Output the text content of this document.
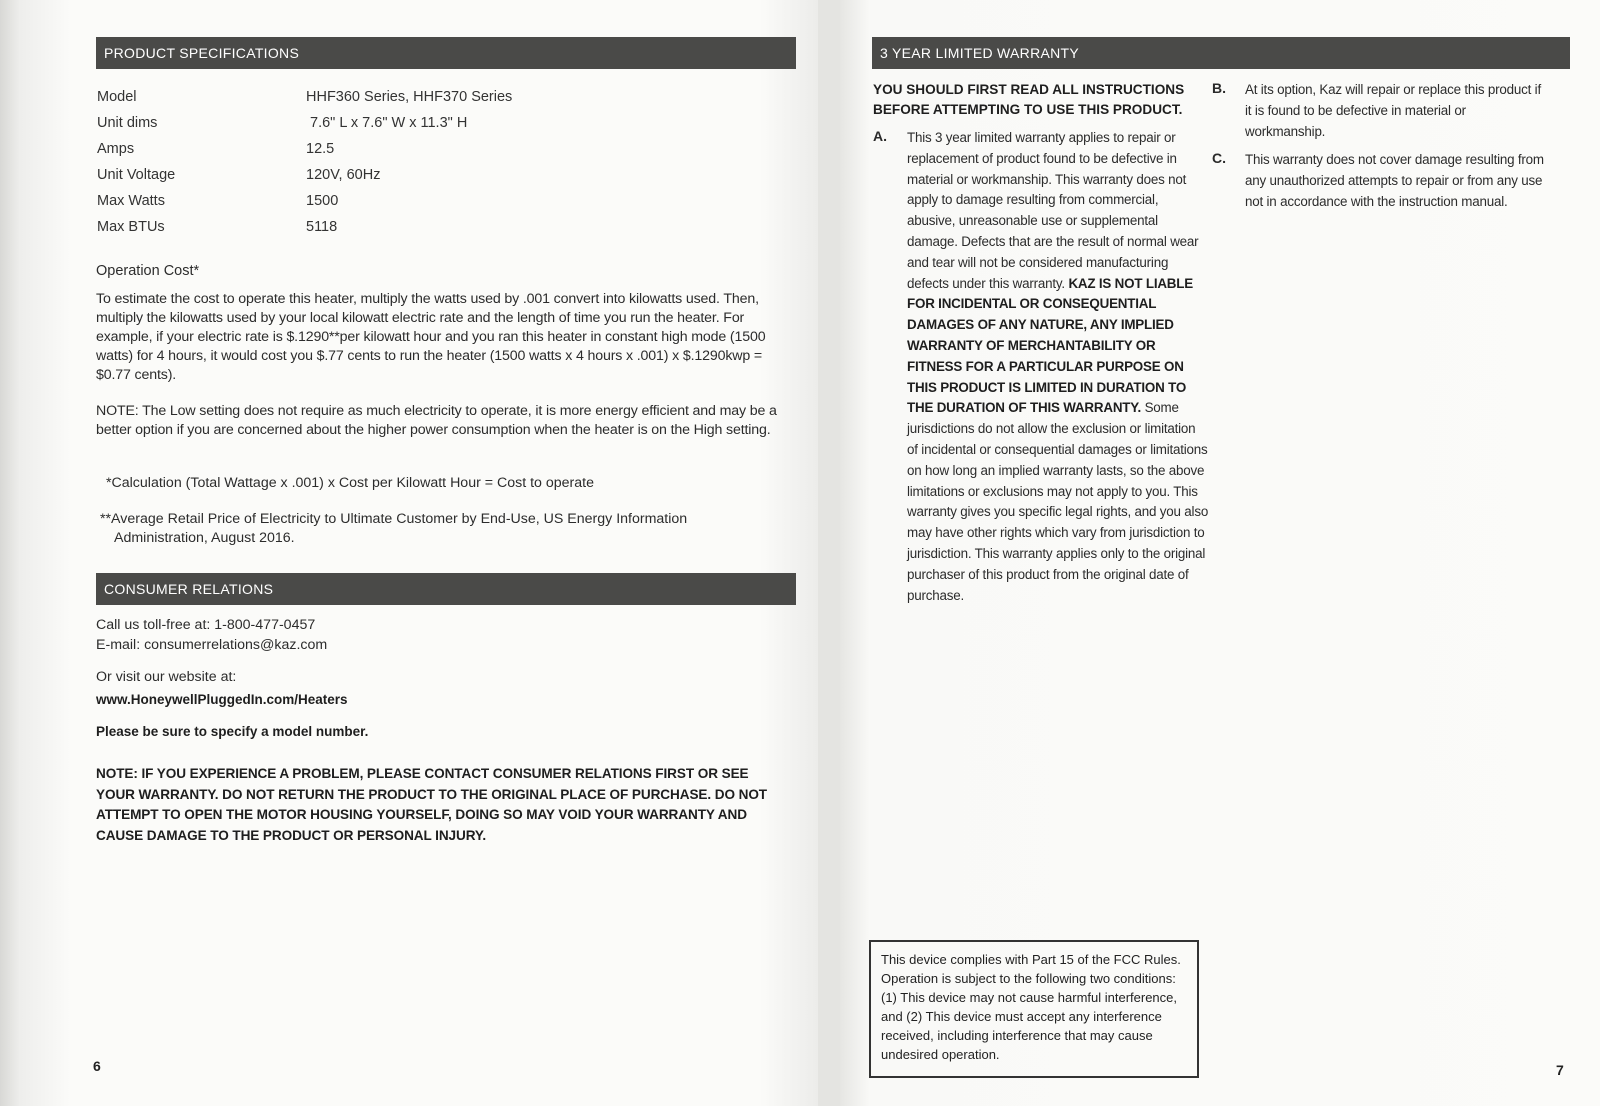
PRODUCT SPECIFICATIONS
Model	HHF360 Series, HHF370 Series
Unit dims	7.6" L x 7.6" W x 11.3" H
Amps	12.5
Unit Voltage	120V, 60Hz
Max Watts	1500
Max BTUs	5118
Operation Cost*
To estimate the cost to operate this heater, multiply the watts used by .001 convert into kilowatts used. Then, multiply the kilowatts used by your local kilowatt electric rate and the length of time you run the heater. For example, if your electric rate is $.1290**per kilowatt hour and you ran this heater in constant high mode (1500 watts) for 4 hours, it would cost you $.77 cents to run the heater (1500 watts x 4 hours x .001) x $.1290kwp = $0.77 cents).
NOTE: The Low setting does not require as much electricity to operate, it is more energy efficient and may be a better option if you are concerned about the higher power consumption when the heater is on the High setting.
*Calculation (Total Wattage x .001) x Cost per Kilowatt Hour = Cost to operate
**Average Retail Price of Electricity to Ultimate Customer by End-Use, US Energy Information Administration, August 2016.
CONSUMER RELATIONS
Call us toll-free at: 1-800-477-0457
E-mail: consumerrelations@kaz.com
Or visit our website at:
www.HoneywellPluggedIn.com/Heaters
Please be sure to specify a model number.
NOTE: IF YOU EXPERIENCE A PROBLEM, PLEASE CONTACT CONSUMER RELATIONS FIRST OR SEE YOUR WARRANTY. DO NOT RETURN THE PRODUCT TO THE ORIGINAL PLACE OF PURCHASE. DO NOT ATTEMPT TO OPEN THE MOTOR HOUSING YOURSELF, DOING SO MAY VOID YOUR WARRANTY AND CAUSE DAMAGE TO THE PRODUCT OR PERSONAL INJURY.
6
3 YEAR LIMITED WARRANTY
YOU SHOULD FIRST READ ALL INSTRUCTIONS BEFORE ATTEMPTING TO USE THIS PRODUCT.
A. This 3 year limited warranty applies to repair or replacement of product found to be defective in material or workmanship. This warranty does not apply to damage resulting from commercial, abusive, unreasonable use or supplemental damage. Defects that are the result of normal wear and tear will not be considered manufacturing defects under this warranty. KAZ IS NOT LIABLE FOR INCIDENTAL OR CONSEQUENTIAL DAMAGES OF ANY NATURE, ANY IMPLIED WARRANTY OF MERCHANTABILITY OR FITNESS FOR A PARTICULAR PURPOSE ON THIS PRODUCT IS LIMITED IN DURATION TO THE DURATION OF THIS WARRANTY. Some jurisdictions do not allow the exclusion or limitation of incidental or consequential damages or limitations on how long an implied warranty lasts, so the above limitations or exclusions may not apply to you. This warranty gives you specific legal rights, and you also may have other rights which vary from jurisdiction to jurisdiction. This warranty applies only to the original purchaser of this product from the original date of purchase.
B. At its option, Kaz will repair or replace this product if it is found to be defective in material or workmanship.
C. This warranty does not cover damage resulting from any unauthorized attempts to repair or from any use not in accordance with the instruction manual.
This device complies with Part 15 of the FCC Rules. Operation is subject to the following two conditions: (1) This device may not cause harmful interference, and (2) This device must accept any interference received, including interference that may cause undesired operation.
7
